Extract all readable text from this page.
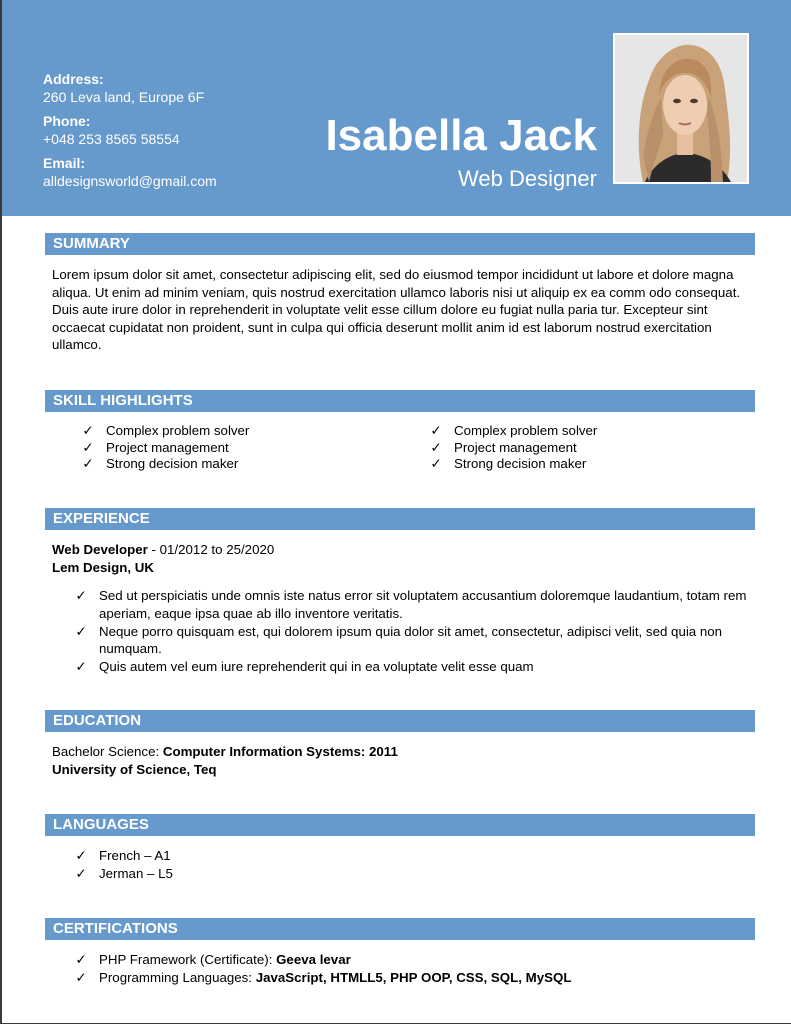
Address:
260 Leva land, Europe 6F
Phone:
+048 253 8565 58554
Email:
alldesignsworld@gmail.com
Isabella Jack
Web Designer
SUMMARY
Lorem ipsum dolor sit amet, consectetur adipiscing elit, sed do eiusmod tempor incididunt ut labore et dolore magna aliqua. Ut enim ad minim veniam, quis nostrud exercitation ullamco laboris nisi ut aliquip ex ea comm odo consequat. Duis aute irure dolor in reprehenderit in voluptate velit esse cillum dolore eu fugiat nulla paria tur. Excepteur sint occaecat cupidatat non proident, sunt in culpa qui officia deserunt mollit anim id est laborum nostrud exercitation ullamco.
SKILL HIGHLIGHTS
✓ Complex problem solver
✓ Project management
✓ Strong decision maker
✓ Complex problem solver
✓ Project management
✓ Strong decision maker
EXPERIENCE
Web Developer - 01/2012 to 25/2020
Lem Design, UK
✓ Sed ut perspiciatis unde omnis iste natus error sit voluptatem accusantium doloremque laudantium, totam rem aperiam, eaque ipsa quae ab illo inventore veritatis.
✓ Neque porro quisquam est, qui dolorem ipsum quia dolor sit amet, consectetur, adipisci velit, sed quia non numquam.
✓ Quis autem vel eum iure reprehenderit qui in ea voluptate velit esse quam
EDUCATION
Bachelor Science: Computer Information Systems: 2011
University of Science, Teq
LANGUAGES
✓ French – A1
✓ Jerman – L5
CERTIFICATIONS
✓ PHP Framework (Certificate): Geeva levar
✓ Programming Languages: JavaScript, HTMLL5, PHP OOP, CSS, SQL, MySQL
